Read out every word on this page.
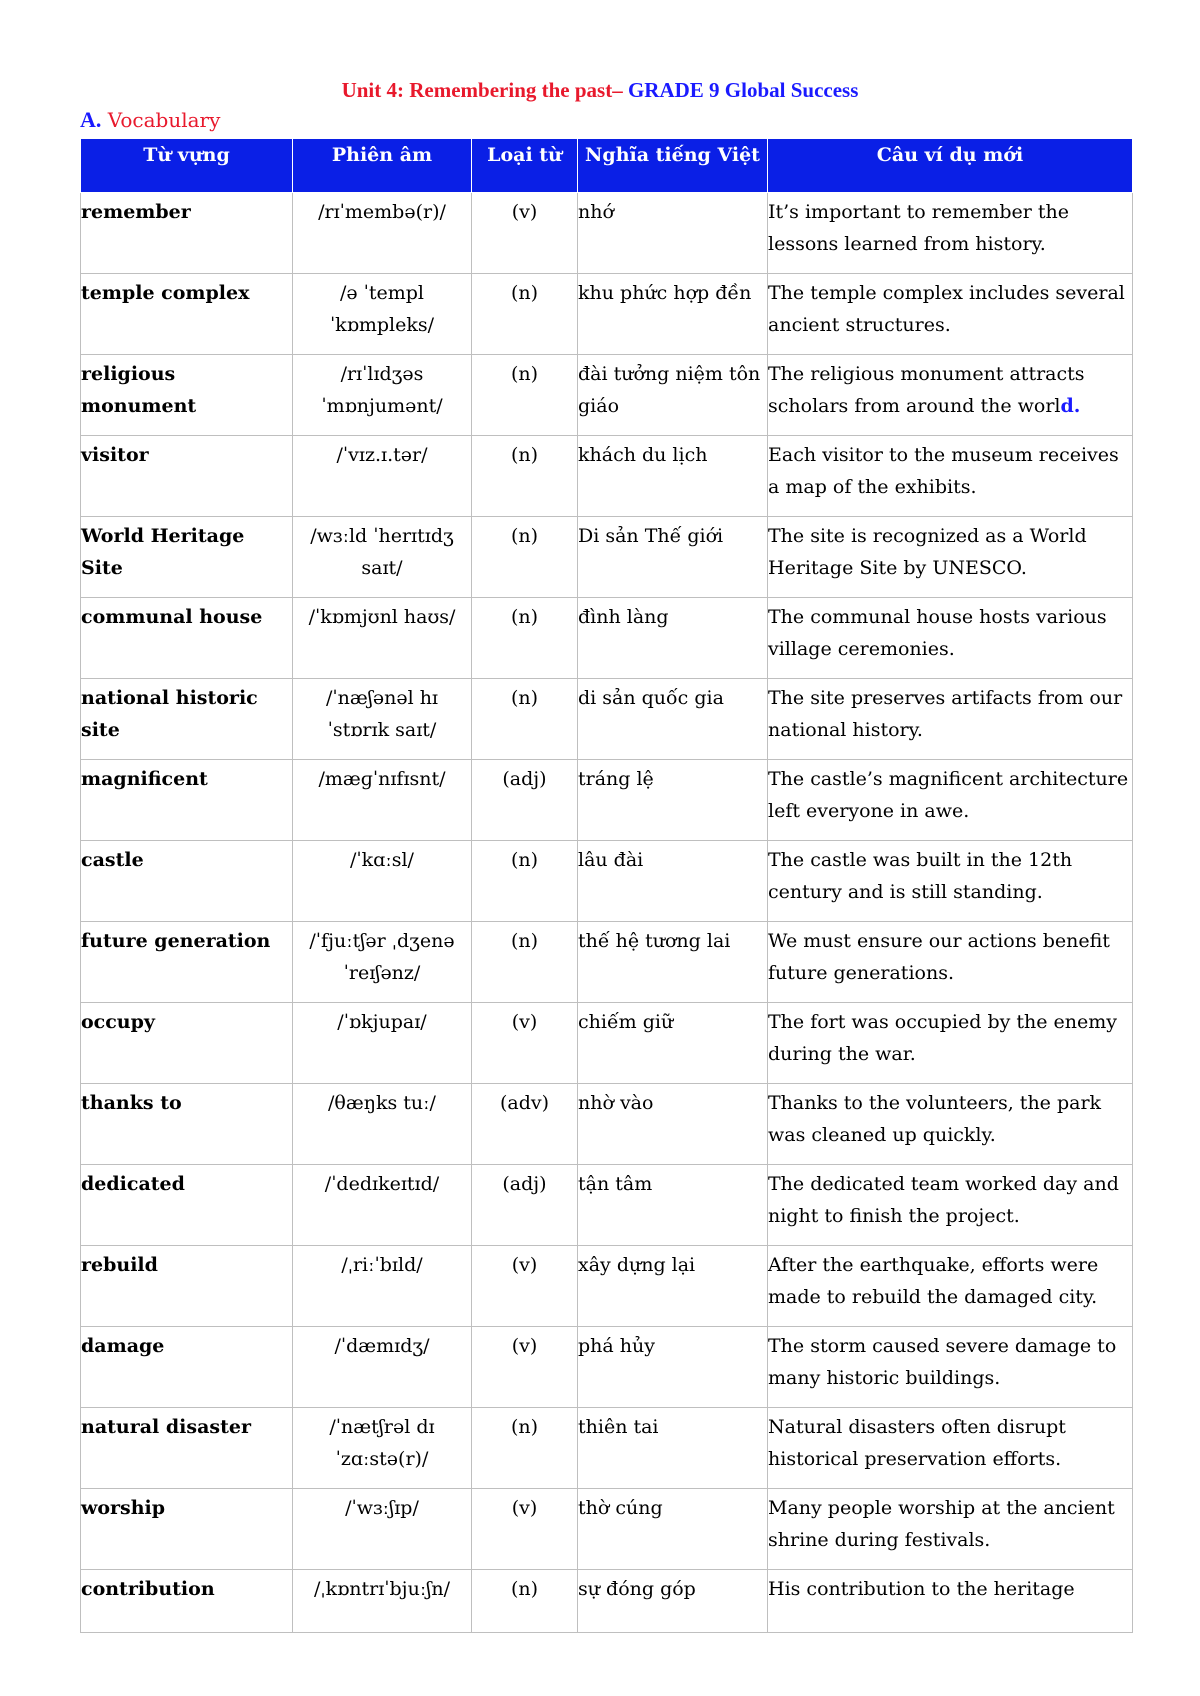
Unit 4: Remembering the past– GRADE 9 Global Success
A. Vocabulary
Từ vựng	Phiên âm	Loại từ	Nghĩa tiếng Việt	Câu ví dụ mới
remember	/rɪˈmembə(r)/	(v)	nhớ	It’s important to remember the lessons learned from history.
temple complex	/ə ˈtempl ˈkɒmpleks/	(n)	khu phức hợp đền	The temple complex includes several ancient structures.
religious monument	/rɪˈlɪdʒəs ˈmɒnjumənt/	(n)	đài tưởng niệm tôn giáo	The religious monument attracts scholars from around the world.
visitor	/ˈvɪz.ɪ.tər/	(n)	khách du lịch	Each visitor to the museum receives a map of the exhibits.
World Heritage Site	/wɜːld ˈherɪtɪdʒ saɪt/	(n)	Di sản Thế giới	The site is recognized as a World Heritage Site by UNESCO.
communal house	/ˈkɒmjʊnl haʊs/	(n)	đình làng	The communal house hosts various village ceremonies.
national historic site	/ˈnæʃənəl hɪ ˈstɒrɪk saɪt/	(n)	di sản quốc gia	The site preserves artifacts from our national history.
magnificent	/mæɡˈnɪfɪsnt/	(adj)	tráng lệ	The castle’s magnificent architecture left everyone in awe.
castle	/ˈkɑːsl/	(n)	lâu đài	The castle was built in the 12th century and is still standing.
future generation	/ˈfjuːtʃər ˌdʒenə ˈreɪʃənz/	(n)	thế hệ tương lai	We must ensure our actions benefit future generations.
occupy	/ˈɒkjupaɪ/	(v)	chiếm giữ	The fort was occupied by the enemy during the war.
thanks to	/θæŋks tuː/	(adv)	nhờ vào	Thanks to the volunteers, the park was cleaned up quickly.
dedicated	/ˈdedɪkeɪtɪd/	(adj)	tận tâm	The dedicated team worked day and night to finish the project.
rebuild	/ˌriːˈbɪld/	(v)	xây dựng lại	After the earthquake, efforts were made to rebuild the damaged city.
damage	/ˈdæmɪdʒ/	(v)	phá hủy	The storm caused severe damage to many historic buildings.
natural disaster	/ˈnætʃrəl dɪ ˈzɑːstə(r)/	(n)	thiên tai	Natural disasters often disrupt historical preservation efforts.
worship	/ˈwɜːʃɪp/	(v)	thờ cúng	Many people worship at the ancient shrine during festivals.
contribution	/ˌkɒntrɪˈbjuːʃn/	(n)	sự đóng góp	His contribution to the heritage
